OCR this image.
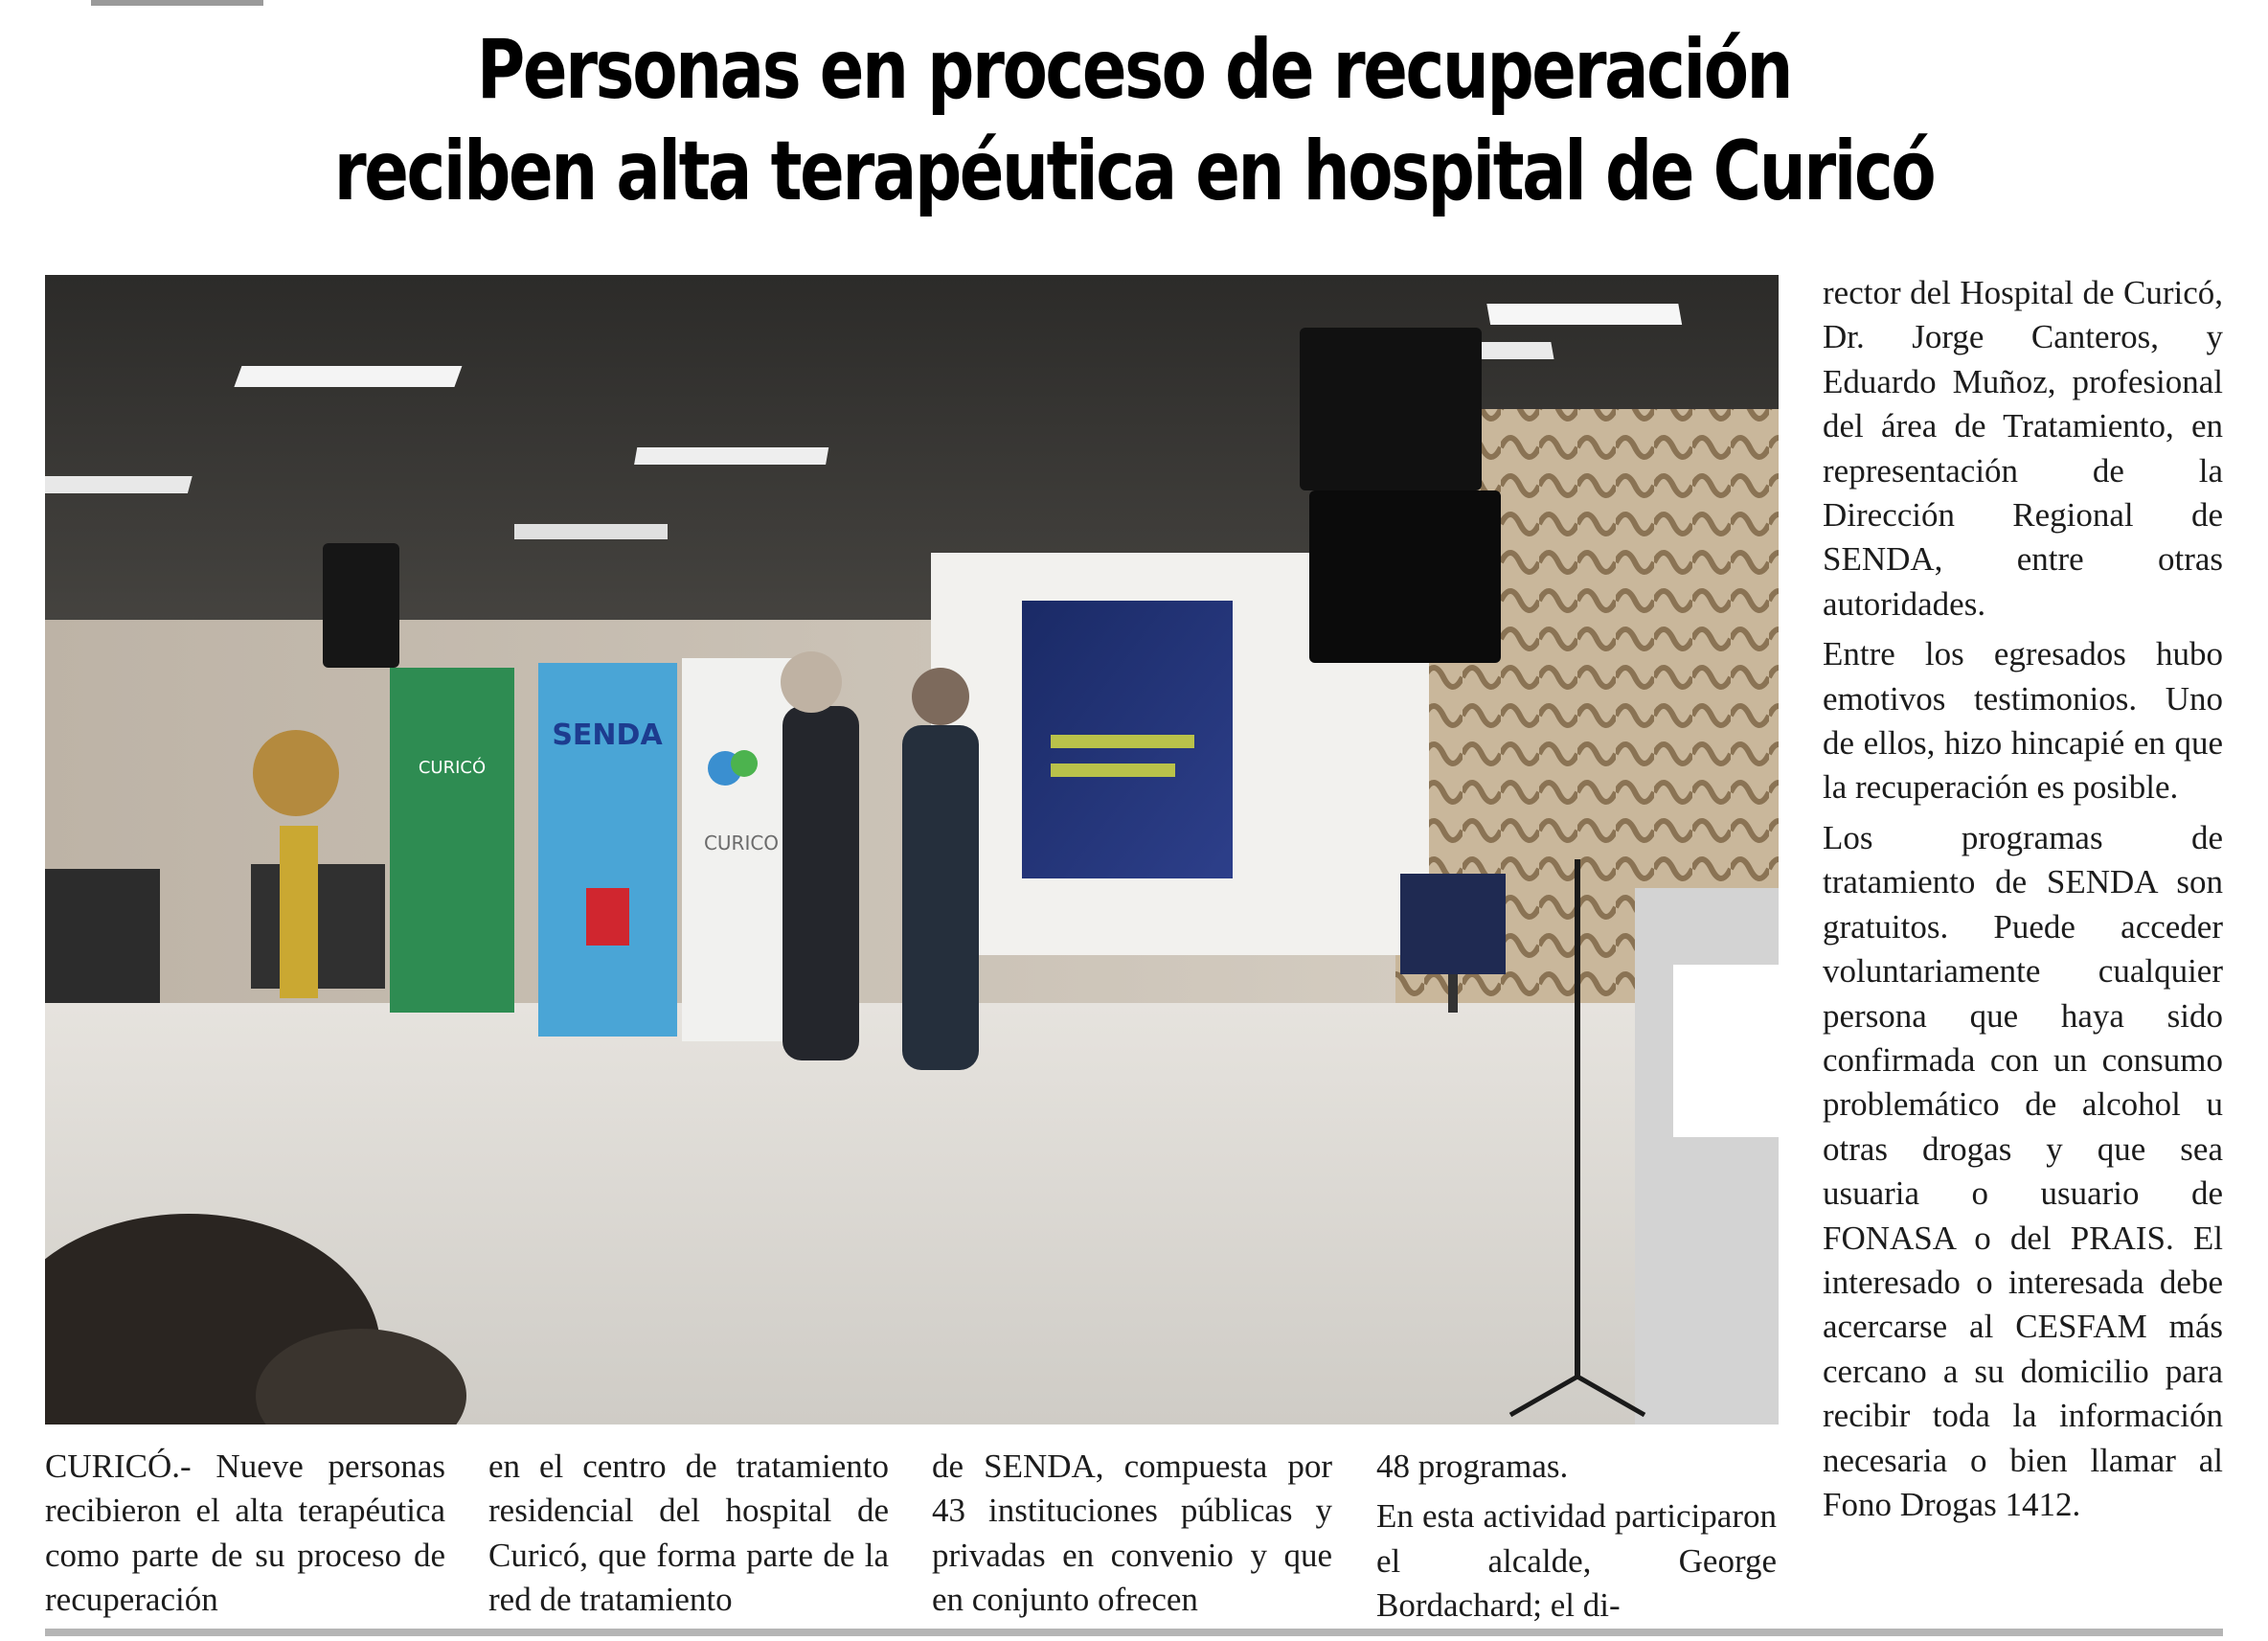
Personas en proceso de recuperación
reciben alta terapéutica en hospital de Curicó
CURICÓ
SENDA
CURICO

CURICÓ.- Nueve personas recibieron el alta terapéutica como parte de su proceso de recuperación

en el centro de tratamiento residencial del hospital de Curicó, que forma parte de la red de tratamiento

de SENDA, compuesta por 43 instituciones públicas y privadas en convenio y que en conjunto ofrecen

48 programas.

En esta actividad participaron el alcalde, George Bordachard; el di-

rector del Hospital de Curicó, Dr. Jorge Canteros, y Eduardo Muñoz, profesional del área de Tratamiento, en representación de la Dirección Regional de SENDA, entre otras autoridades.

Entre los egresados hubo emotivos testimonios. Uno de ellos, hizo hincapié en que la recuperación es posible.

Los programas de tratamiento de SENDA son gratuitos. Puede acceder voluntariamente cualquier persona que haya sido confirmada con un consumo problemático de alcohol u otras drogas y que sea usuaria o usuario de FONASA o del PRAIS. El interesado o interesada debe acercarse al CESFAM más cercano a su domicilio para recibir toda la información necesaria o bien llamar al Fono Drogas 1412.
